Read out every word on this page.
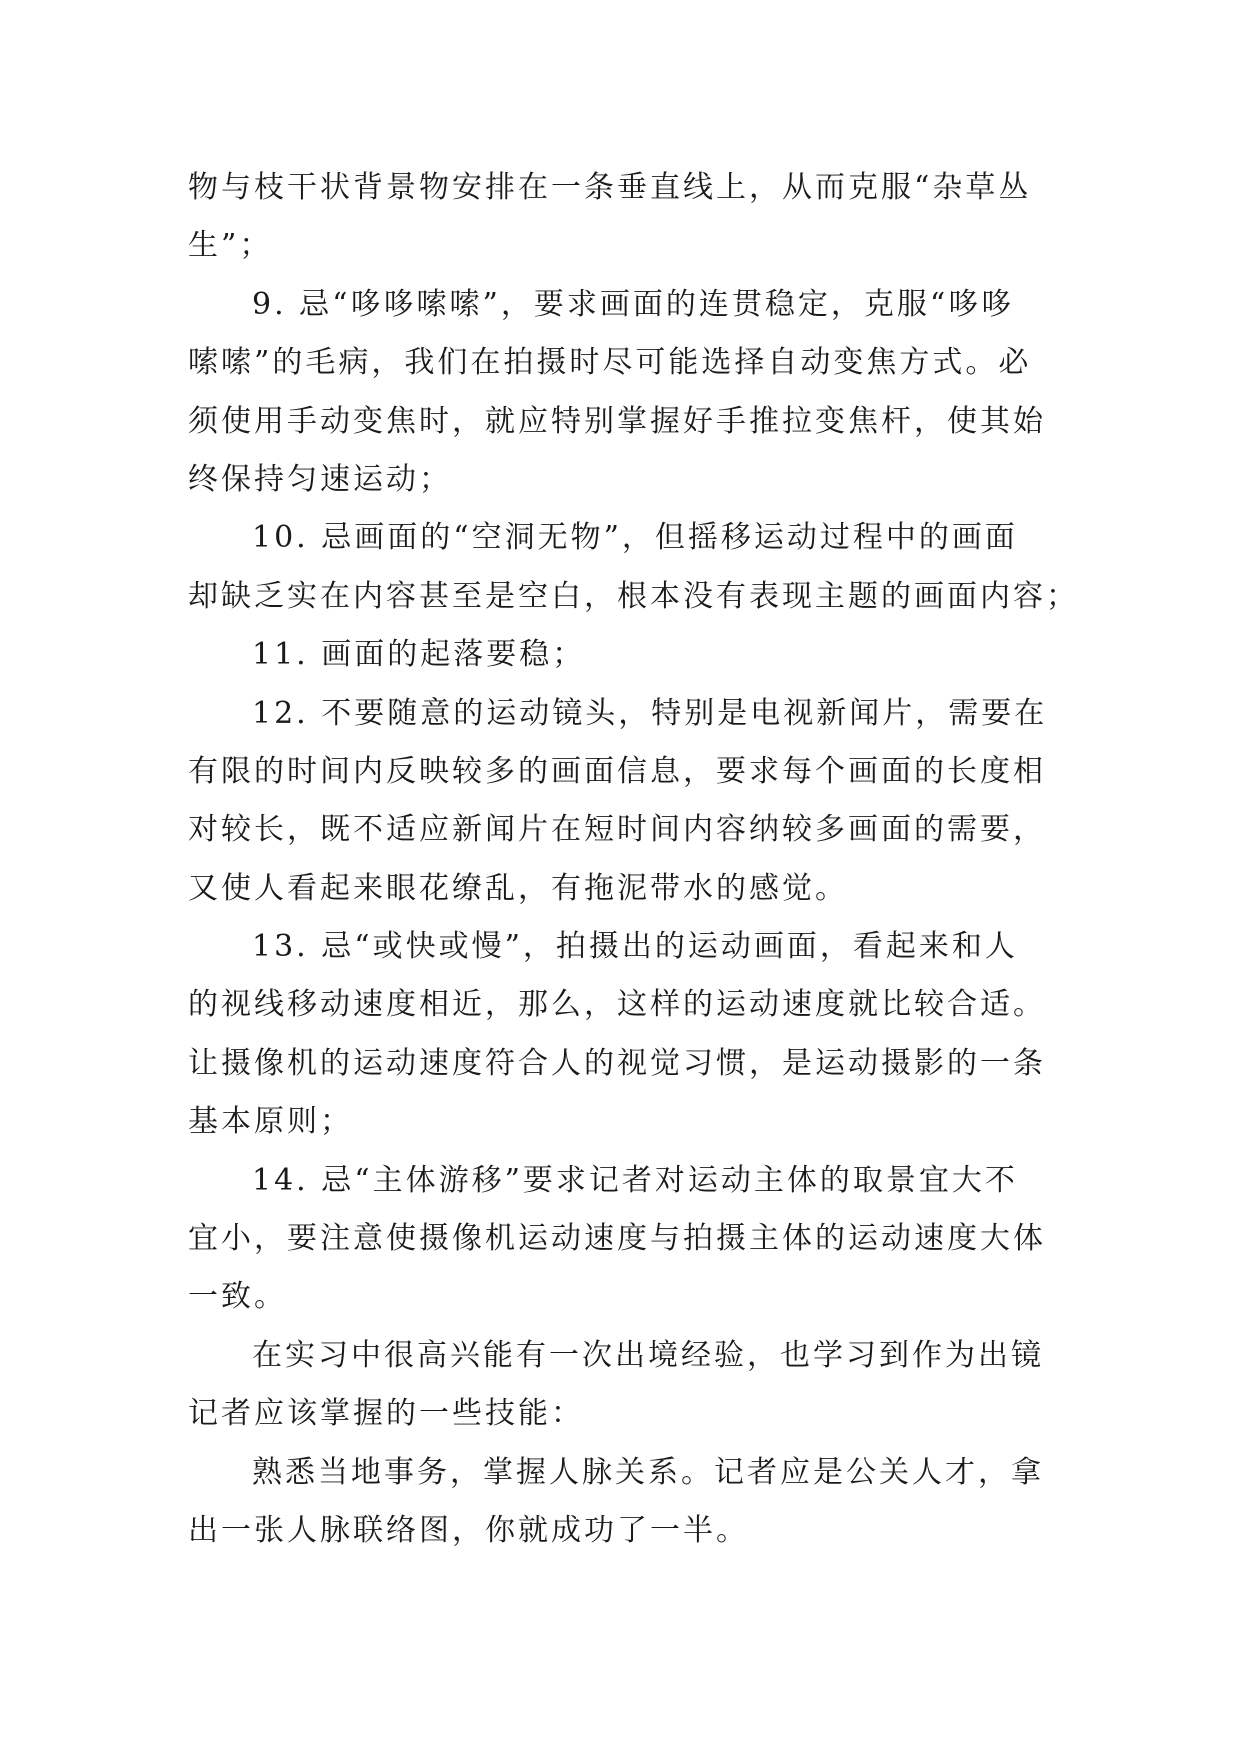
物与枝干状背景物安排在一条垂直线上，从而克服“杂草丛
生”；
9. 忌“哆哆嗦嗦”，要求画面的连贯稳定，克服“哆哆
嗦嗦”的毛病，我们在拍摄时尽可能选择自动变焦方式。必
须使用手动变焦时，就应特别掌握好手推拉变焦杆，使其始
终保持匀速运动；
10. 忌画面的“空洞无物”，但摇移运动过程中的画面
却缺乏实在内容甚至是空白，根本没有表现主题的画面内容；
11. 画面的起落要稳；
12. 不要随意的运动镜头，特别是电视新闻片，需要在
有限的时间内反映较多的画面信息，要求每个画面的长度相
对较长，既不适应新闻片在短时间内容纳较多画面的需要，
又使人看起来眼花缭乱，有拖泥带水的感觉。
13. 忌“或快或慢”，拍摄出的运动画面，看起来和人
的视线移动速度相近，那么，这样的运动速度就比较合适。
让摄像机的运动速度符合人的视觉习惯，是运动摄影的一条
基本原则；
14. 忌“主体游移”要求记者对运动主体的取景宜大不
宜小，要注意使摄像机运动速度与拍摄主体的运动速度大体
一致。
在实习中很高兴能有一次出境经验，也学习到作为出镜
记者应该掌握的一些技能：
熟悉当地事务，掌握人脉关系。记者应是公关人才，拿
出一张人脉联络图，你就成功了一半。
